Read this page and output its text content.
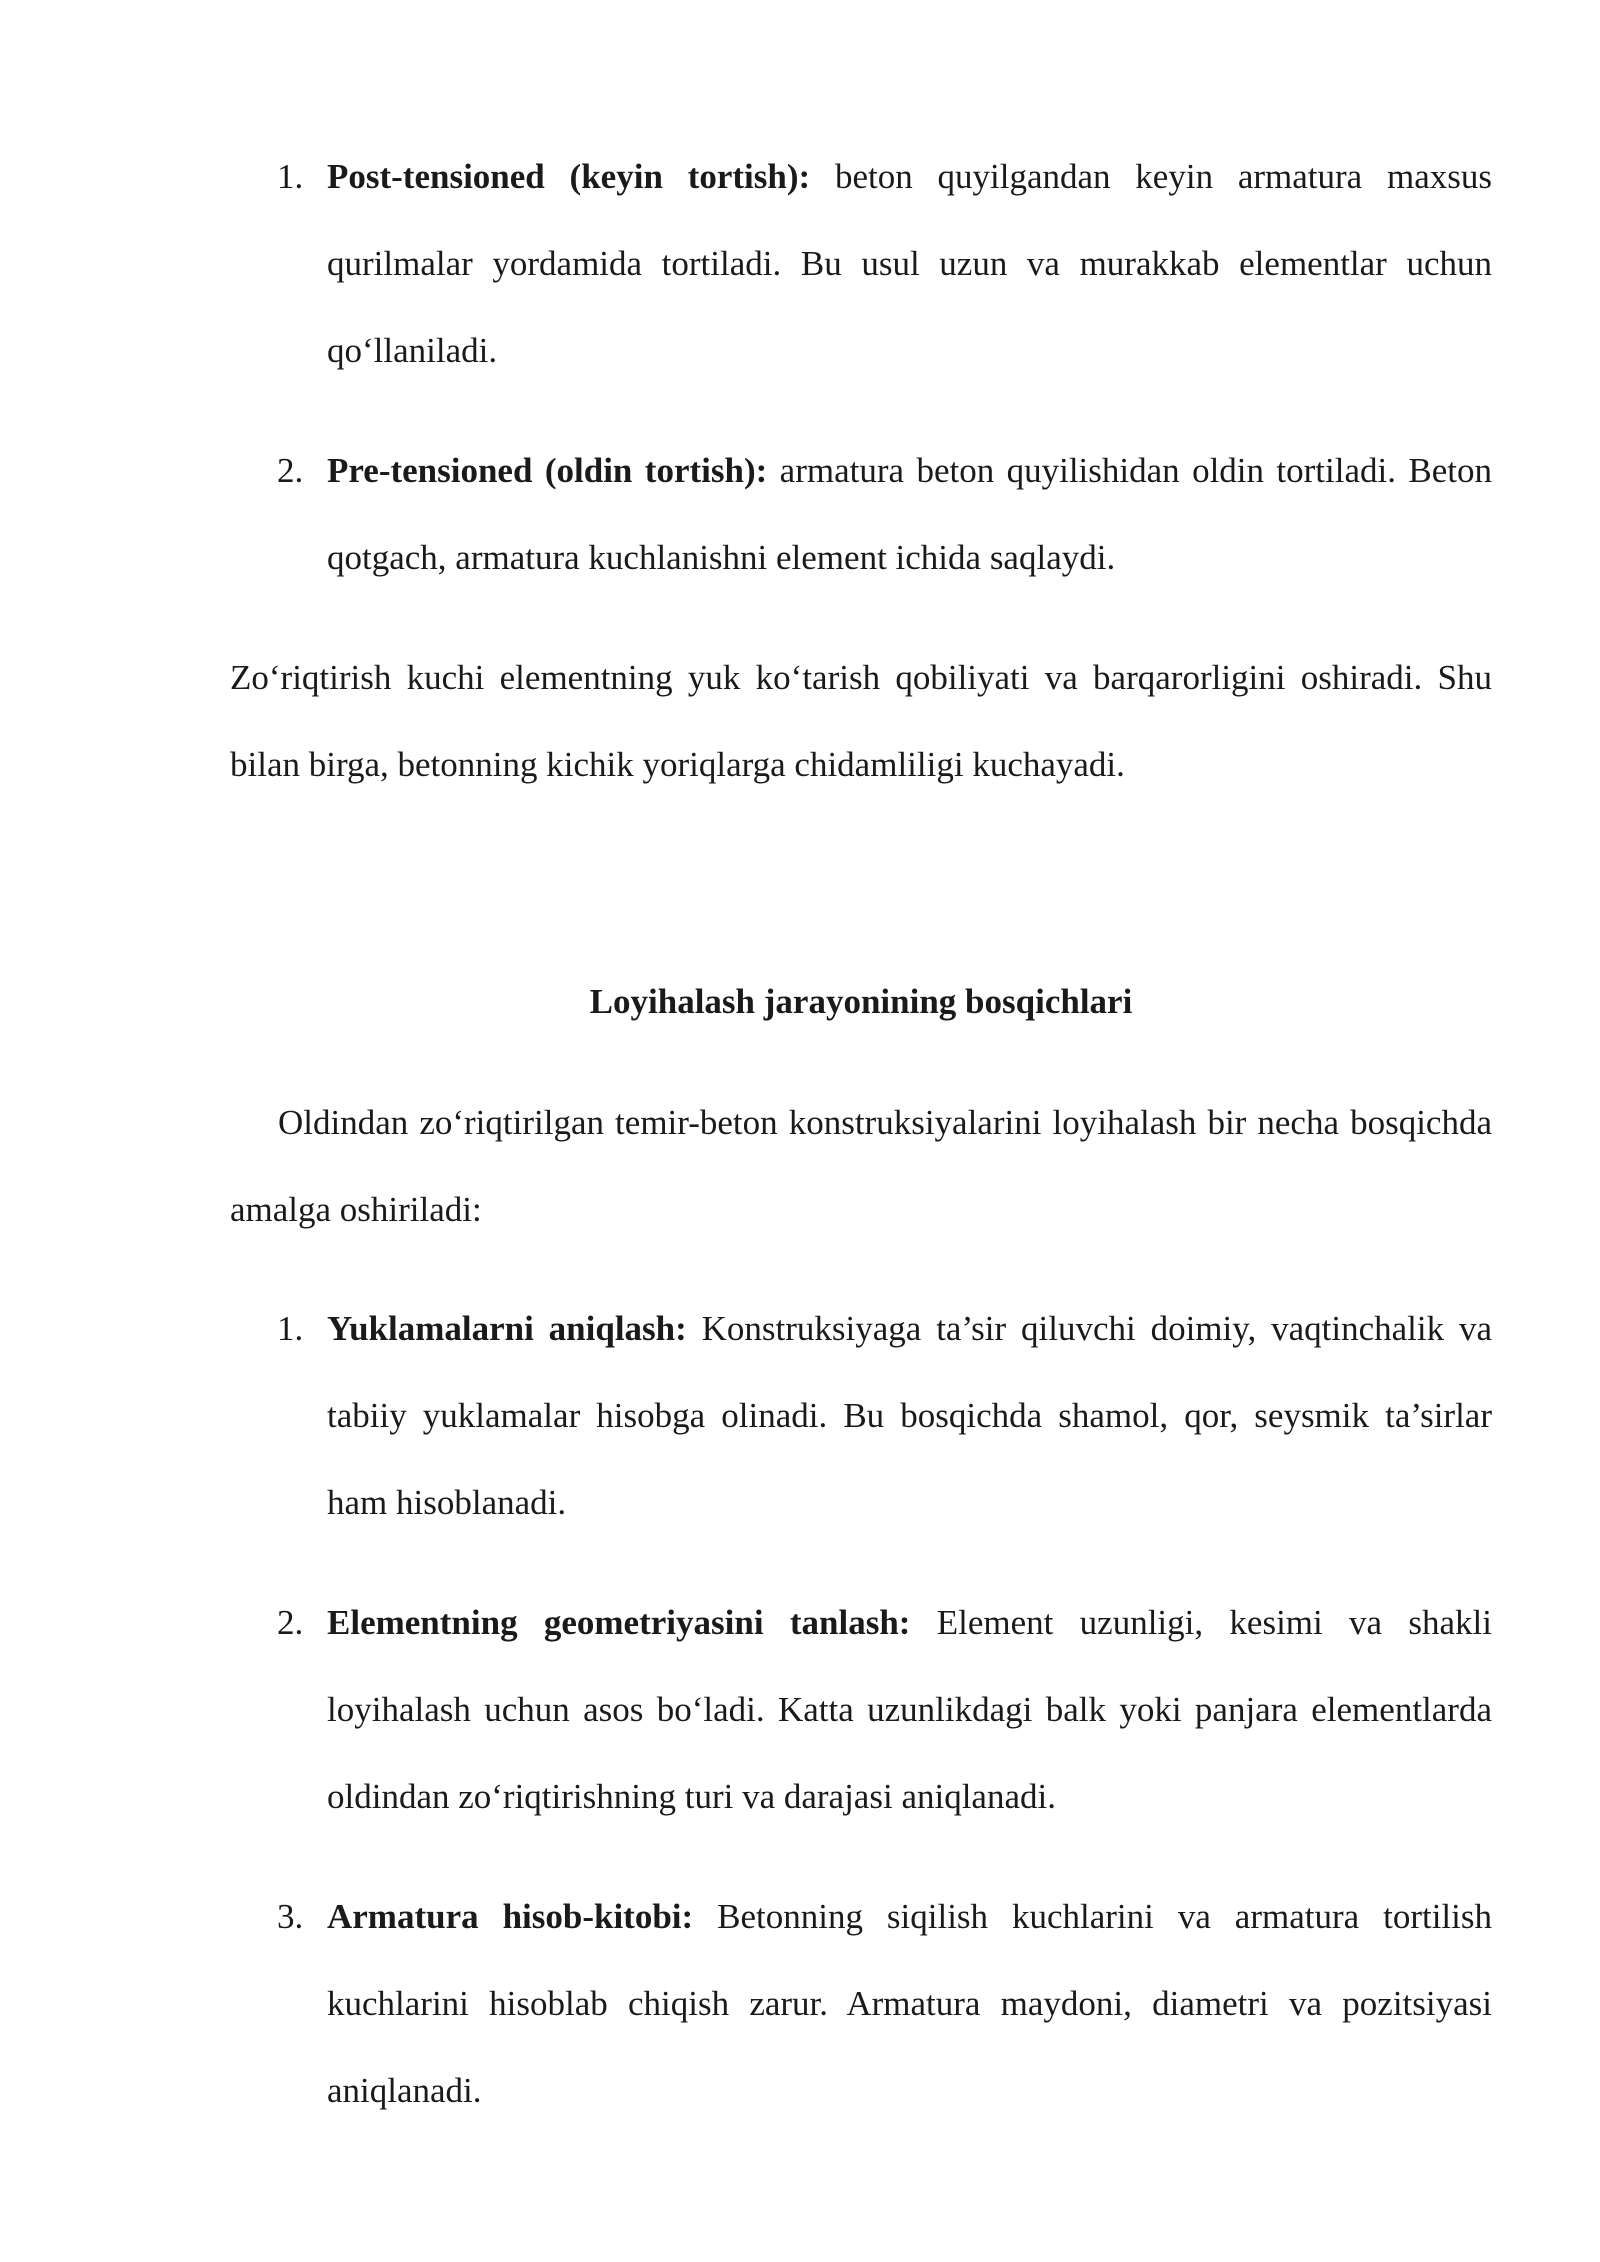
1. Post-tensioned (keyin tortish): beton quyilgandan keyin armatura maxsus qurilmalar yordamida tortiladi. Bu usul uzun va murakkab elementlar uchun qo‘llaniladi.
2. Pre-tensioned (oldin tortish): armatura beton quyilishidan oldin tortiladi. Beton qotgach, armatura kuchlanishni element ichida saqlaydi.

Zo‘riqtirish kuchi elementning yuk ko‘tarish qobiliyati va barqarorligini oshiradi. Shu bilan birga, betonning kichik yoriqlarga chidamliligi kuchayadi.

Loyihalash jarayonining bosqichlari

Oldindan zo‘riqtirilgan temir-beton konstruksiyalarini loyihalash bir necha bosqichda amalga oshiriladi:

1. Yuklamalarni aniqlash: Konstruksiyaga ta’sir qiluvchi doimiy, vaqtinchalik va tabiiy yuklamalar hisobga olinadi. Bu bosqichda shamol, qor, seysmik ta’sirlar ham hisoblanadi.
2. Elementning geometriyasini tanlash: Element uzunligi, kesimi va shakli loyihalash uchun asos bo‘ladi. Katta uzunlikdagi balk yoki panjara elementlarda oldindan zo‘riqtirishning turi va darajasi aniqlanadi.
3. Armatura hisob-kitobi: Betonning siqilish kuchlarini va armatura tortilish kuchlarini hisoblab chiqish zarur. Armatura maydoni, diametri va pozitsiyasi aniqlanadi.
